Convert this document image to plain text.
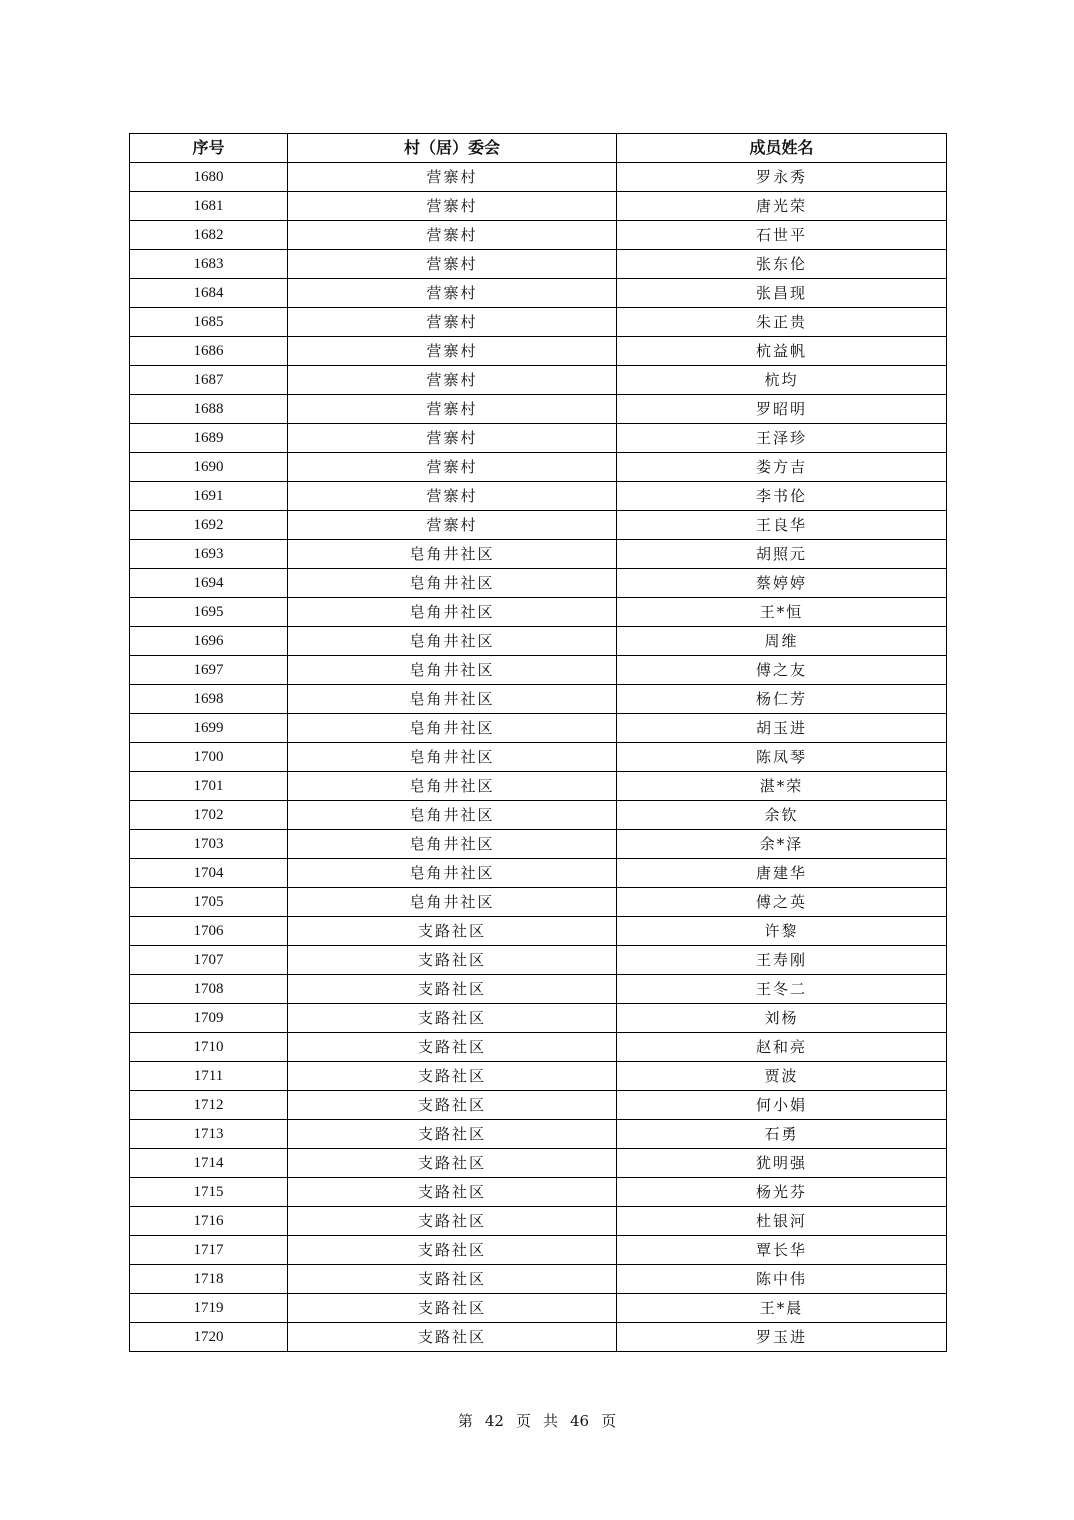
序号	村（居）委会	成员姓名
1680	营寨村	罗永秀
1681	营寨村	唐光荣
1682	营寨村	石世平
1683	营寨村	张东伦
1684	营寨村	张昌现
1685	营寨村	朱正贵
1686	营寨村	杭益帆
1687	营寨村	杭均
1688	营寨村	罗昭明
1689	营寨村	王泽珍
1690	营寨村	娄方吉
1691	营寨村	李书伦
1692	营寨村	王良华
1693	皂角井社区	胡照元
1694	皂角井社区	蔡婷婷
1695	皂角井社区	王*恒
1696	皂角井社区	周维
1697	皂角井社区	傅之友
1698	皂角井社区	杨仁芳
1699	皂角井社区	胡玉进
1700	皂角井社区	陈凤琴
1701	皂角井社区	湛*荣
1702	皂角井社区	余钦
1703	皂角井社区	余*泽
1704	皂角井社区	唐建华
1705	皂角井社区	傅之英
1706	支路社区	许黎
1707	支路社区	王寿刚
1708	支路社区	王冬二
1709	支路社区	刘杨
1710	支路社区	赵和亮
1711	支路社区	贾波
1712	支路社区	何小娟
1713	支路社区	石勇
1714	支路社区	犹明强
1715	支路社区	杨光芬
1716	支路社区	杜银河
1717	支路社区	覃长华
1718	支路社区	陈中伟
1719	支路社区	王*晨
1720	支路社区	罗玉进
第 42 页 共 46 页
